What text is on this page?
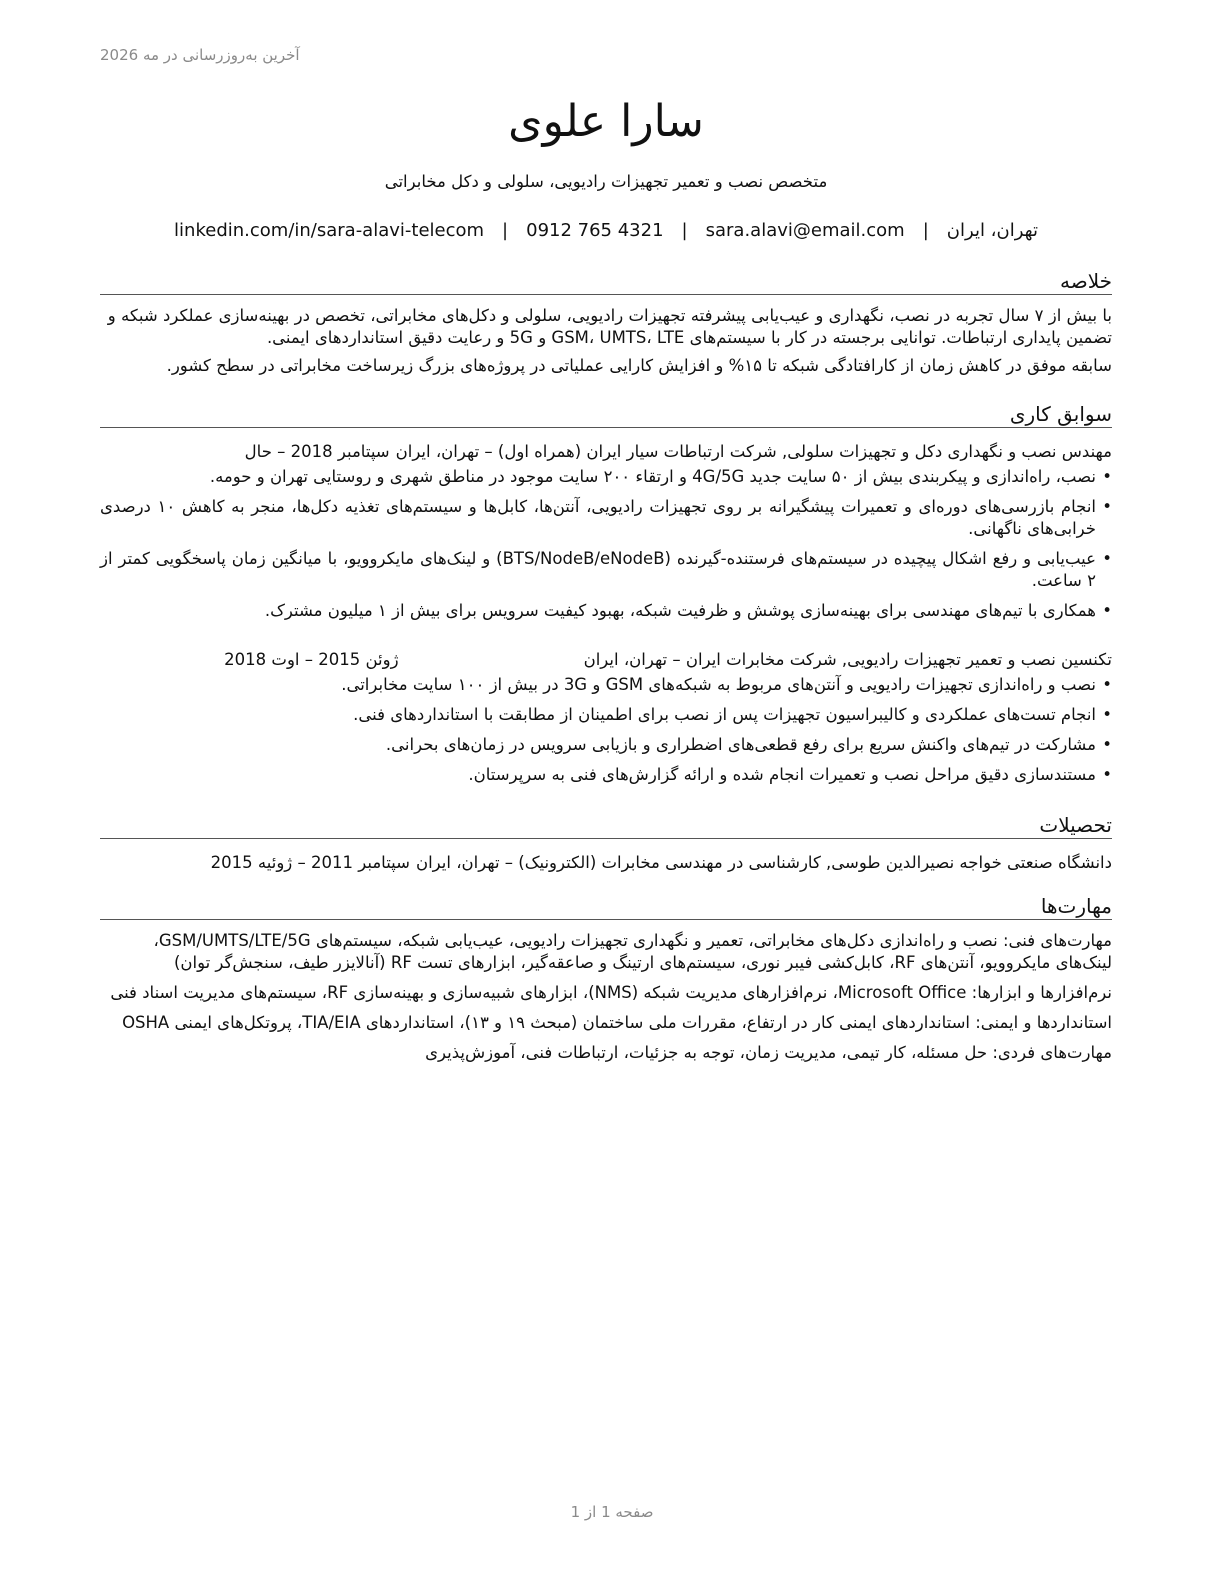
آخرین به‌روزرسانی در مه 2026
سارا علوی
متخصص نصب و تعمیر تجهیزات رادیویی، سلولی و دکل مخابراتی
تهران، ایران|sara.alavi@email.com|0912 765 4321|linkedin.com/in/sara-alavi-telecom
خلاصه
با بیش از ۷ سال تجربه در نصب، نگهداری و عیب‌یابی پیشرفته تجهیزات رادیویی، سلولی و دکل‌های مخابراتی، تخصص در بهینه‌سازی عملکرد شبکه و تضمین پایداری ارتباطات. توانایی برجسته در کار با سیستم‌های GSM، UMTS، LTE و 5G و رعایت دقیق استانداردهای ایمنی.
سابقه موفق در کاهش زمان از کارافتادگی شبکه تا ۱۵% و افزایش کارایی عملیاتی در پروژه‌های بزرگ زیرساخت مخابراتی در سطح کشور.
سوابق کاری
مهندس نصب و نگهداری دکل و تجهیزات سلولی, شرکت ارتباطات سیار ایران (همراه اول) – تهران، ایران
سپتامبر 2018 – حال
• نصب، راه‌اندازی و پیکربندی بیش از ۵۰ سایت جدید 4G/5G و ارتقاء ۲۰۰ سایت موجود در مناطق شهری و روستایی تهران و حومه.
• انجام بازرسی‌های دوره‌ای و تعمیرات پیشگیرانه بر روی تجهیزات رادیویی، آنتن‌ها، کابل‌ها و سیستم‌های تغذیه دکل‌ها، منجر به کاهش ۱۰ درصدی خرابی‌های ناگهانی.
• عیب‌یابی و رفع اشکال پیچیده در سیستم‌های فرستنده-گیرنده (BTS/NodeB/eNodeB) و لینک‌های مایکروویو، با میانگین زمان پاسخگویی کمتر از ۲ ساعت.
• همکاری با تیم‌های مهندسی برای بهینه‌سازی پوشش و ظرفیت شبکه، بهبود کیفیت سرویس برای بیش از ۱ میلیون مشترک.
تکنسین نصب و تعمیر تجهیزات رادیویی, شرکت مخابرات ایران – تهران، ایران
ژوئن 2015 – اوت 2018
• نصب و راه‌اندازی تجهیزات رادیویی و آنتن‌های مربوط به شبکه‌های GSM و 3G در بیش از ۱۰۰ سایت مخابراتی.
• انجام تست‌های عملکردی و کالیبراسیون تجهیزات پس از نصب برای اطمینان از مطابقت با استانداردهای فنی.
• مشارکت در تیم‌های واکنش سریع برای رفع قطعی‌های اضطراری و بازیابی سرویس در زمان‌های بحرانی.
• مستندسازی دقیق مراحل نصب و تعمیرات انجام شده و ارائه گزارش‌های فنی به سرپرستان.
تحصیلات
دانشگاه صنعتی خواجه نصیرالدین طوسی, کارشناسی در مهندسی مخابرات (الکترونیک) – تهران، ایران
سپتامبر 2011 – ژوئیه 2015
مهارت‌ها
مهارت‌های فنی: نصب و راه‌اندازی دکل‌های مخابراتی، تعمیر و نگهداری تجهیزات رادیویی، عیب‌یابی شبکه، سیستم‌های GSM/UMTS/LTE/5G، لینک‌های مایکروویو، آنتن‌های RF، کابل‌کشی فیبر نوری، سیستم‌های ارتینگ و صاعقه‌گیر، ابزارهای تست RF (آنالایزر طیف، سنجش‌گر توان)
نرم‌افزارها و ابزارها: Microsoft Office، نرم‌افزارهای مدیریت شبکه (NMS)، ابزارهای شبیه‌سازی و بهینه‌سازی RF، سیستم‌های مدیریت اسناد فنی
استانداردها و ایمنی: استانداردهای ایمنی کار در ارتفاع، مقررات ملی ساختمان (مبحث ۱۹ و ۱۳)، استانداردهای TIA/EIA، پروتکل‌های ایمنی OSHA
مهارت‌های فردی: حل مسئله، کار تیمی، مدیریت زمان، توجه به جزئیات، ارتباطات فنی، آموزش‌پذیری
صفحه 1 از 1
